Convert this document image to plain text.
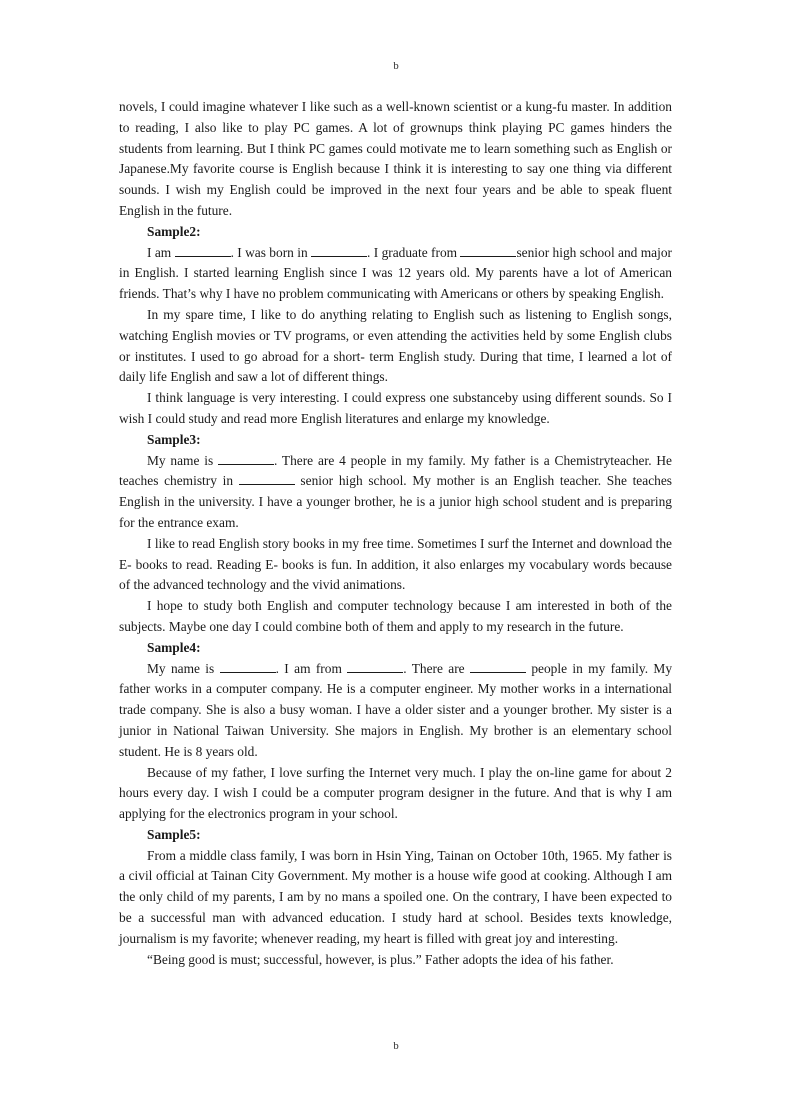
b

novels, I could imagine whatever I like such as a well-known scientist or a kung-fu master. In addition to reading, I also like to play PC games. A lot of grownups think playing PC games hinders the students from learning. But I think PC games could motivate me to learn something such as English or Japanese.My favorite course is English because I think it is interesting to say one thing via different sounds. I wish my English could be improved in the next four years and be able to speak fluent English in the future.

Sample2:

I am	. I was born in	. I graduate from	senior high school and major in English. I started learning English since I was 12 years old. My parents have a lot of American friends. That’s why I have no problem communicating with Americans or others by speaking English.

In my spare time, I like to do anything relating to English such as listening to English songs, watching English movies or TV programs, or even attending the activities held by some English clubs or institutes. I used to go abroad for a short- term English study. During that time, I learned a lot of daily life English and saw a lot of different things.

I think language is very interesting. I could express one substanceby using different sounds. So I wish I could study and read more English literatures and enlarge my knowledge.

Sample3:

My name is	. There are 4 people in my family. My father is a Chemistryteacher. He teaches chemistry in	senior high school. My mother is an English teacher. She teaches English in the university. I have a younger brother, he is a junior high school student and is preparing for the entrance exam.

I like to read English story books in my free time. Sometimes I surf the Internet and download the E- books to read. Reading E- books is fun. In addition, it also enlarges my vocabulary words because of the advanced technology and the vivid animations.

I hope to study both English and computer technology because I am interested in both of the subjects. Maybe one day I could combine both of them and apply to my research in the future.

Sample4:

My name is	. I am from	. There are	people in my family. My father works in a computer company. He is a computer engineer. My mother works in a international trade company. She is also a busy woman. I have a older sister and a younger brother. My sister is a junior in National Taiwan University. She majors in English. My brother is an elementary school student. He is 8 years old.

Because of my father, I love surfing the Internet very much. I play the on-line game for about 2 hours every day. I wish I could be a computer program designer in the future. And that is why I am applying for the electronics program in your school.

Sample5:

From a middle class family, I was born in Hsin Ying, Tainan on October 10th, 1965. My father is a civil official at Tainan City Government. My mother is a house wife good at cooking. Although I am the only child of my parents, I am by no mans a spoiled one. On the contrary, I have been expected to be a successful man with advanced education. I study hard at school. Besides texts knowledge, journalism is my favorite; whenever reading, my heart is filled with great joy and interesting.

“Being good is must; successful, however, is plus.” Father adopts the idea of his father.

b
